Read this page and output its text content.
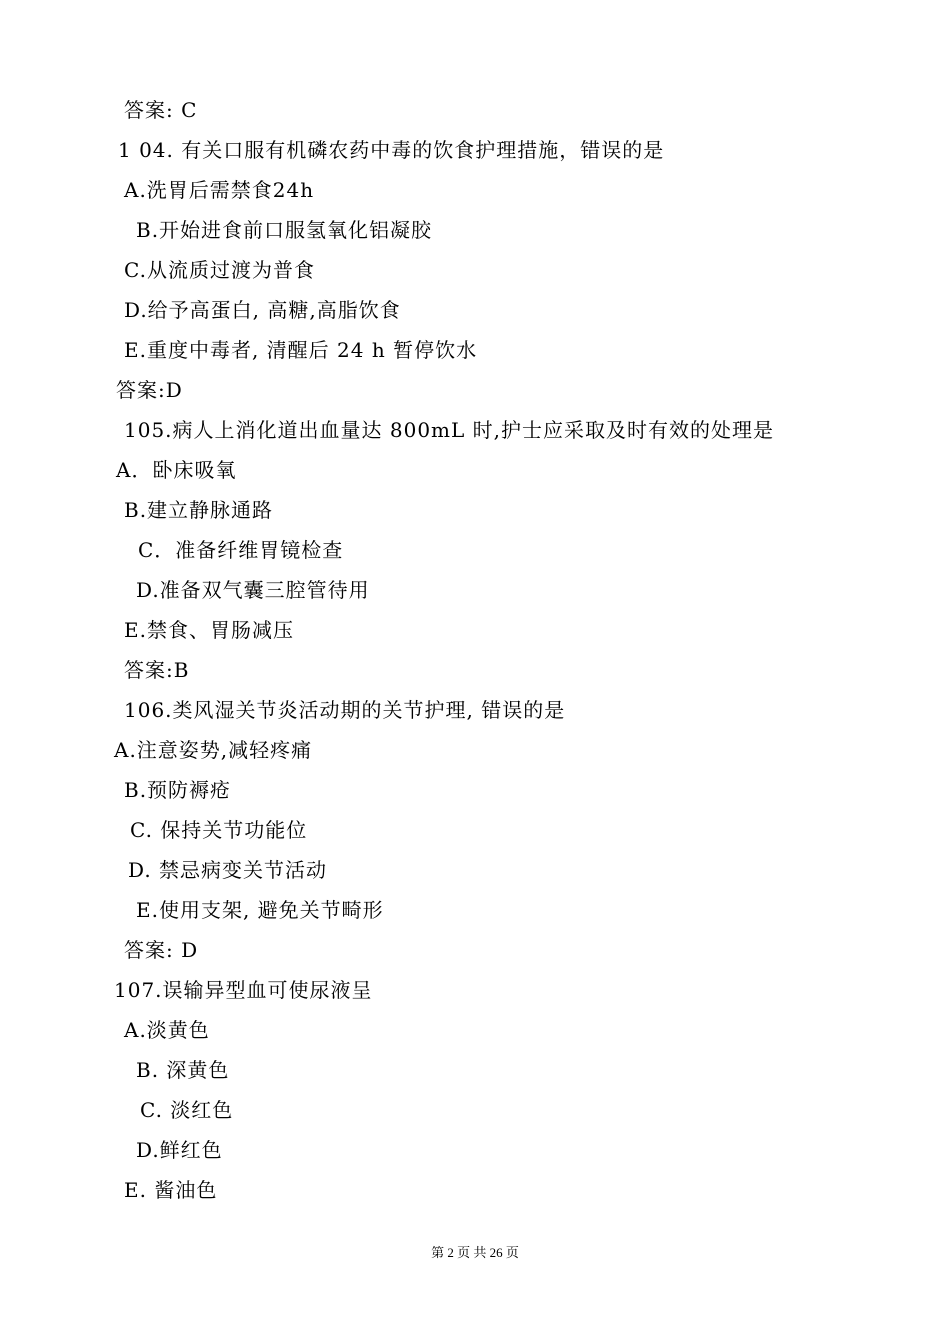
答案: C
1 04. 有关口服有机磷农药中毒的饮食护理措施，错误的是
A.洗胃后需禁食24h
B.开始进食前口服氢氧化铝凝胶
C.从流质过渡为普食
D.给予高蛋白, 高糖,高脂饮食
E.重度中毒者, 清醒后 24 h 暂停饮水
答案:D
105.病人上消化道出血量达 800mL 时,护士应采取及时有效的处理是
A．卧床吸氧
B.建立静脉通路
C．准备纤维胃镜检查
D.准备双气囊三腔管待用
E.禁食、胃肠减压
答案:B
106.类风湿关节炎活动期的关节护理, 错误的是
A.注意姿势,减轻疼痛
B.预防褥疮
C. 保持关节功能位
D. 禁忌病变关节活动
E.使用支架, 避免关节畸形
答案: D
107.误输异型血可使尿液呈
A.淡黄色
B. 深黄色
C. 淡红色
D.鲜红色
E. 酱油色
第 2 页 共 26 页
